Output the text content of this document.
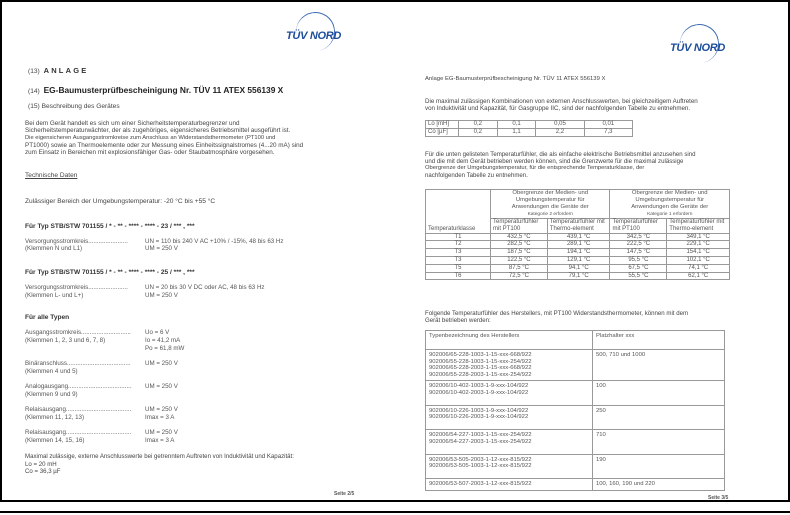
TÜV NORD
(13) ANLAGE
(14) EG-Baumusterprüfbescheinigung Nr. TÜV 11 ATEX 556139 X
(15) Beschreibung des Gerätes
Bei dem Gerät handelt es sich um einer Sicherheitstemperaturbegrenzer und
Sicherheitstemperaturwächter, der als zugehöriges, eigensicheres Betriebsmittel ausgeführt ist.
Die eigensicheren Ausgangsstromkreise zum Anschluss an Widerstandsthermometer (PT100 und
PT1000) sowie an Thermoelemente oder zur Messung eines Einheitssignalstromes (4...20 mA) sind
zum Einsatz in Bereichen mit explosionsfähiger Gas- oder Staubatmosphäre vorgesehen.
Technische Daten
Zulässiger Bereich der Umgebungstemperatur: -20 °C bis +55 °C
Für Typ STB/STW 701155 / * - ** - **** - **** - 23 / *** , ***
Versorgungsstromkreis.......................	UN = 110 bis 240 V AC +10% / -15%, 48 bis 63 Hz
(Klemmen N und L1)	UM = 250 V
Für Typ STB/STW 701155 / * - ** - **** - **** - 25 / *** , ***
Versorgungsstromkreis.......................	UN = 20 bis 30 V DC oder AC, 48 bis 63 Hz
(Klemmen L- und L+)	UM = 250 V
Für alle Typen
Ausgangsstromkreis............................. Uo = 6 V
(Klemmen 1, 2, 3 und 6, 7, 8)	Io = 41,2 mA
Po = 61,8 mW
Binäranschluss..................................... UM = 250 V
(Klemmen 4 und 5)
Analogausgang..................................... UM = 250 V
(Klemmen 9 und 9)
Relaisausgang...................................... UM = 250 V
(Klemmen 11, 12, 13)	Imax = 3 A
Relaisausgang...................................... UM = 250 V
(Klemmen 14, 15, 16)	Imax = 3 A
Maximal zulässige, externe Anschlusswerte bei getrenntem Auftreten von Induktivität und Kapazität:
Lo = 20 mH
Co = 36,3 µF
Seite 2/5
TÜV NORD
Anlage EG-Baumusterprüfbescheinigung Nr. TÜV 11 ATEX 556139 X
Die maximal zulässigen Kombinationen von externen Anschlusswerten, bei gleichzeitigem Auftreten
von Induktivität und Kapazität, für Gasgruppe IIC, sind der nachfolgenden Tabelle zu entnehmen.
Lo [mH]	0,2	0,1	0,05	0,01
Co [µF]	0,2	1,1	2,2	7,3
Für die unten gelisteten Temperaturfühler, die als einfache elektrische Betriebsmittel anzusehen sind
und die mit dem Gerät betrieben werden können, sind die Grenzwerte für die maximal zulässige
Obergrenze der Umgebungstemperatur, für die entsprechende Temperaturklasse, der
nachfolgenden Tabelle zu entnehmen.
Temperaturklasse	
Obergrenze der Medien- und
Umgebungstemperatur für
Anwendungen die Geräte der
Kategorie 2 erfordern

Obergrenze der Medien- und
Umgebungstemperatur für
Anwendungen die Geräte der
Kategorie 1 erfordern

	Temperaturfühler mit PT100	Temperaturfühler mit Thermo-element	Temperaturfühler mit PT100	Temperaturfühler mit Thermo-element
T1	432,5 °C	439,1 °C	342,5 °C	349,1 °C
T2	282,5 °C	289,1 °C	222,5 °C	229,1 °C
T3	187,5 °C	194,1 °C	147,5 °C	154,1 °C
T3	122,5 °C	129,1 °C	95,5 °C	102,1 °C
T5	87,5 °C	94,1 °C	67,5 °C	74,1 °C
T6	72,5 °C	79,1 °C	55,5 °C	62,1 °C
Folgende Temperaturfühler des Herstellers, mit PT100 Widerstandsthermometer, können mit dem
Gerät betrieben werden:
Typenbezeichnung des Herstellers	Platzhalter xxx

902006/65-228-1003-1-15-xxx-668/922
902006/55-228-1003-1-15-xxx-254/922
902006/65-228-2003-1-15-xxx-668/922
902006/55-228-2003-1-15-xxx-254/922	500, 710 und 1000

902006/10-402-1003-1-9-xxx-104/922
902006/10-402-2003-1-9-xxx-104/922	100

902006/10-226-1003-1-9-xxx-104/922
902006/10-226-2003-1-9-xxx-104/922	250

902006/54-227-1003-1-15-xxx-254/922
902006/54-227-2003-1-15-xxx-254/922	710

902006/53-505-2003-1-12-xxx-815/922
902006/53-505-1003-1-12-xxx-815/922	190

902006/53-507-2003-1-12-xxx-815/922	100, 160, 190 und 220
Seite 3/5
